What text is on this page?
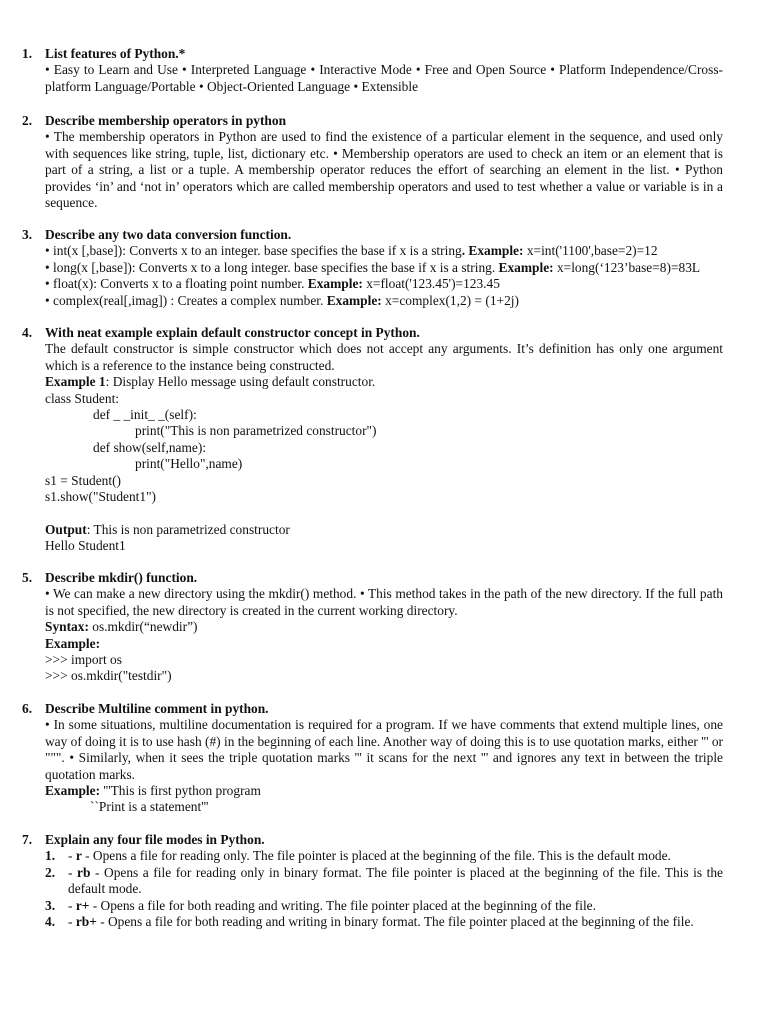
1. List features of Python.*
• Easy to Learn and Use • Interpreted Language • Interactive Mode • Free and Open Source • Platform Independence/Cross-platform Language/Portable • Object-Oriented Language • Extensible
2. Describe membership operators in python
• The membership operators in Python are used to find the existence of a particular element in the sequence, and used only with sequences like string, tuple, list, dictionary etc. • Membership operators are used to check an item or an element that is part of a string, a list or a tuple. A membership operator reduces the effort of searching an element in the list. • Python provides ‘in’ and ‘not in’ operators which are called membership operators and used to test whether a value or variable is in a sequence.
3. Describe any two data conversion function.
• int(x [,base]): Converts x to an integer. base specifies the base if x is a string. Example: x=int('1100',base=2)=12
• long(x [,base]): Converts x to a long integer. base specifies the base if x is a string. Example: x=long(‘123’base=8)=83L
• float(x): Converts x to a floating point number. Example: x=float('123.45')=123.45
• complex(real[,imag]) : Creates a complex number. Example: x=complex(1,2) = (1+2j)
4. With neat example explain default constructor concept in Python.
The default constructor is simple constructor which does not accept any arguments. It’s definition has only one argument which is a reference to the instance being constructed.
Example 1: Display Hello message using default constructor.
class Student:
def _ _init_ _(self):
print("This is non parametrized constructor")
def show(self,name):
print("Hello",name)
s1 = Student()
s1.show("Student1")
Output: This is non parametrized constructor
Hello Student1
5. Describe mkdir() function.
• We can make a new directory using the mkdir() method. • This method takes in the path of the new directory. If the full path is not specified, the new directory is created in the current working directory.
Syntax: os.mkdir(“newdir”)
Example:
>>> import os
>>> os.mkdir("testdir")
6. Describe Multiline comment in python.
• In some situations, multiline documentation is required for a program. If we have comments that extend multiple lines, one way of doing it is to use hash (#) in the beginning of each line. Another way of doing this is to use quotation marks, either ''' or """. • Similarly, when it sees the triple quotation marks ''' it scans for the next ''' and ignores any text in between the triple quotation marks.
Example: '''This is first python program
``Print is a statement'''
7. Explain any four file modes in Python.
1. - r - Opens a file for reading only. The file pointer is placed at the beginning of the file. This is the default mode.
2. - rb - Opens a file for reading only in binary format. The file pointer is placed at the beginning of the file. This is the default mode.
3. - r+ - Opens a file for both reading and writing. The file pointer placed at the beginning of the file.
4. - rb+ - Opens a file for both reading and writing in binary format. The file pointer placed at the beginning of the file.
